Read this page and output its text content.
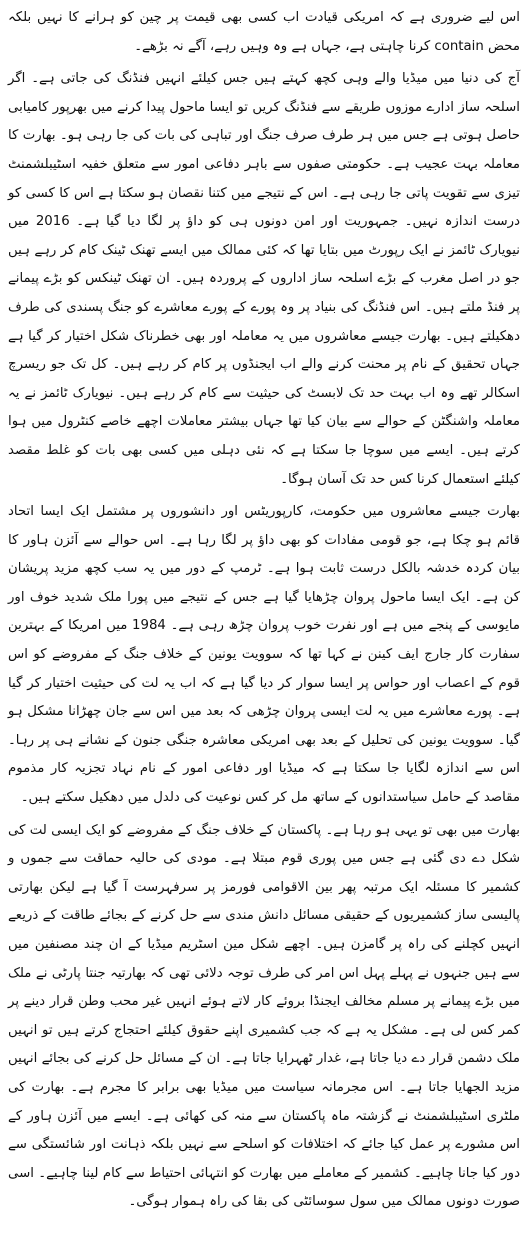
اس لیے ضروری ہے کہ امریکی قیادت اب کسی بھی قیمت پر چین کو ہرانے کا نہیں بلکہ محض contain کرنا چاہتی ہے، جہاں ہے وہ وہیں رہے، آگے نہ بڑھے۔

آج کی دنیا میں میڈیا والے وہی کچھ کہتے ہیں جس کیلئے انہیں فنڈنگ کی جاتی ہے۔ اگر اسلحہ ساز ادارے موزوں طریقے سے فنڈنگ کریں تو ایسا ماحول پیدا کرنے میں بھرپور کامیابی حاصل ہوتی ہے جس میں ہر طرف صرف جنگ اور تباہی کی بات کی جا رہی ہو۔ بھارت کا معاملہ بہت عجیب ہے۔ حکومتی صفوں سے باہر دفاعی امور سے متعلق خفیہ اسٹیبلشمنٹ تیزی سے تقویت پاتی جا رہی ہے۔ اس کے نتیجے میں کتنا نقصان ہو سکتا ہے اس کا کسی کو درست اندازہ نہیں۔ جمہوریت اور امن دونوں ہی کو داؤ پر لگا دیا گیا ہے۔ 2016 میں نیویارک ٹائمز نے ایک رپورٹ میں بتایا تھا کہ کئی ممالک میں ایسے تھنک ٹینک کام کر رہے ہیں جو در اصل مغرب کے بڑے اسلحہ ساز اداروں کے پروردہ ہیں۔ ان تھنک ٹینکس کو بڑے پیمانے پر فنڈ ملتے ہیں۔ اس فنڈنگ کی بنیاد پر وہ پورے کے پورے معاشرے کو جنگ پسندی کی طرف دھکیلتے ہیں۔ بھارت جیسے معاشروں میں یہ معاملہ اور بھی خطرناک شکل اختیار کر گیا ہے جہاں تحقیق کے نام پر محنت کرنے والے اب ایجنڈوں پر کام کر رہے ہیں۔ کل تک جو ریسرچ اسکالر تھے وہ اب بہت حد تک لابسٹ کی حیثیت سے کام کر رہے ہیں۔ نیویارک ٹائمز نے یہ معاملہ واشنگٹن کے حوالے سے بیان کیا تھا جہاں بیشتر معاملات اچھے خاصے کنٹرول میں ہوا کرتے ہیں۔ ایسے میں سوچا جا سکتا ہے کہ نئی دہلی میں کسی بھی بات کو غلط مقصد کیلئے استعمال کرنا کس حد تک آسان ہوگا۔

بھارت جیسے معاشروں میں حکومت، کارپوریٹس اور دانشوروں پر مشتمل ایک ایسا اتحاد قائم ہو چکا ہے، جو قومی مفادات کو بھی داؤ پر لگا رہا ہے۔ اس حوالے سے آئزن ہاور کا بیان کردہ خدشہ بالکل درست ثابت ہوا ہے۔ ٹرمپ کے دور میں یہ سب کچھ مزید پریشان کن ہے۔ ایک ایسا ماحول پروان چڑھایا گیا ہے جس کے نتیجے میں پورا ملک شدید خوف اور مایوسی کے پنجے میں ہے اور نفرت خوب پروان چڑھ رہی ہے۔ 1984 میں امریکا کے بہترین سفارت کار جارج ایف کینن نے کہا تھا کہ سوویت یونین کے خلاف جنگ کے مفروضے کو اس قوم کے اعصاب اور حواس پر ایسا سوار کر دیا گیا ہے کہ اب یہ لت کی حیثیت اختیار کر گیا ہے۔ پورے معاشرے میں یہ لت ایسی پروان چڑھی کہ بعد میں اس سے جان چھڑانا مشکل ہو گیا۔ سوویت یونین کی تحلیل کے بعد بھی امریکی معاشرہ جنگی جنون کے نشانے ہی پر رہا۔ اس سے اندازہ لگایا جا سکتا ہے کہ میڈیا اور دفاعی امور کے نام نہاد تجزیہ کار مذموم مقاصد کے حامل سیاستدانوں کے ساتھ مل کر کس نوعیت کی دلدل میں دھکیل سکتے ہیں۔

بھارت میں بھی تو یہی ہو رہا ہے۔ پاکستان کے خلاف جنگ کے مفروضے کو ایک ایسی لت کی شکل دے دی گئی ہے جس میں پوری قوم مبتلا ہے۔ مودی کی حالیہ حماقت سے جموں و کشمیر کا مسئلہ ایک مرتبہ پھر بین الاقوامی فورمز پر سرفہرست آ گیا ہے لیکن بھارتی پالیسی ساز کشمیریوں کے حقیقی مسائل دانش مندی سے حل کرنے کے بجائے طاقت کے ذریعے انہیں کچلنے کی راہ پر گامزن ہیں۔ اچھے شکل مین اسٹریم میڈیا کے ان چند مصنفین میں سے ہیں جنہوں نے پہلے پہل اس امر کی طرف توجہ دلائی تھی کہ بھارتیہ جنتا پارٹی نے ملک میں بڑے پیمانے پر مسلم مخالف ایجنڈا بروئے کار لاتے ہوئے انہیں غیر محب وطن قرار دینے پر کمر کس لی ہے۔ مشکل یہ ہے کہ جب کشمیری اپنے حقوق کیلئے احتجاج کرتے ہیں تو انہیں ملک دشمن قرار دے دیا جاتا ہے، غدار ٹھہرایا جاتا ہے۔ ان کے مسائل حل کرنے کی بجائے انہیں مزید الجھایا جاتا ہے۔ اس مجرمانہ سیاست میں میڈیا بھی برابر کا مجرم ہے۔ بھارت کی ملٹری اسٹیبلشمنٹ نے گزشتہ ماہ پاکستان سے منہ کی کھائی ہے۔ ایسے میں آئزن ہاور کے اس مشورے پر عمل کیا جائے کہ اختلافات کو اسلحے سے نہیں بلکہ ذہانت اور شائستگی سے دور کیا جانا چاہیے۔ کشمیر کے معاملے میں بھارت کو انتہائی احتیاط سے کام لینا چاہیے۔ اسی صورت دونوں ممالک میں سول سوسائٹی کی بقا کی راہ ہموار ہوگی۔
